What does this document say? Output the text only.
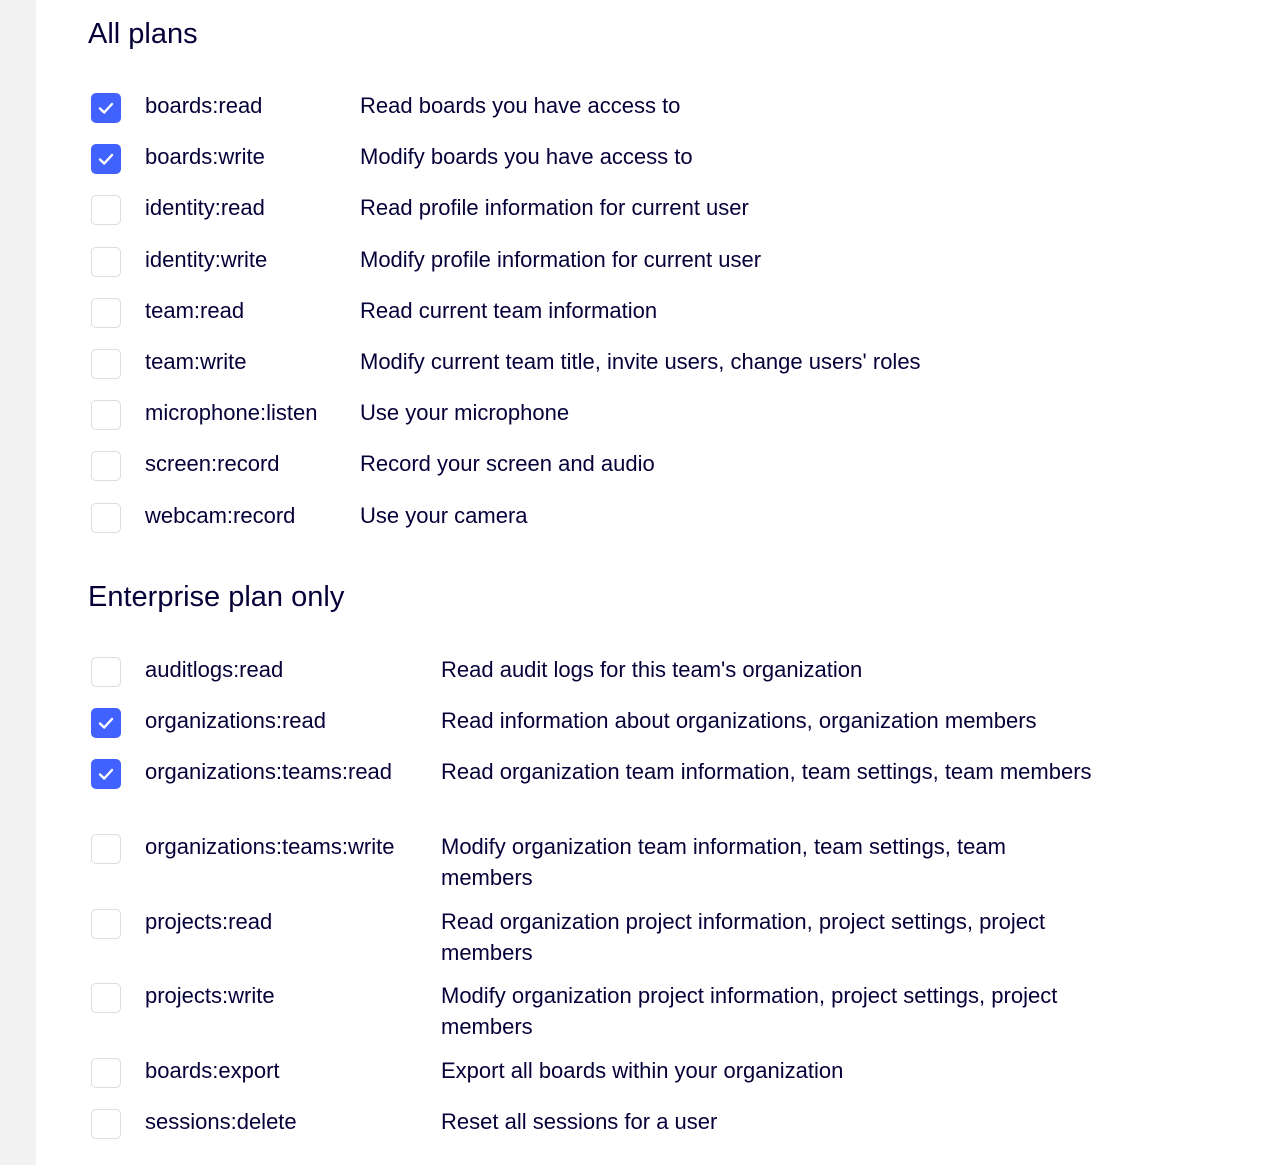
All plans
boards:read	Read boards you have access to
boards:write	Modify boards you have access to
identity:read	Read profile information for current user
identity:write	Modify profile information for current user
team:read	Read current team information
team:write	Modify current team title, invite users, change users' roles
microphone:listen	Use your microphone
screen:record	Record your screen and audio
webcam:record	Use your camera
Enterprise plan only
auditlogs:read	Read audit logs for this team's organization
organizations:read	Read information about organizations, organization members
organizations:teams:read	Read organization team information, team settings, team members
organizations:teams:write	Modify organization team information, team settings, team members
projects:read	Read organization project information, project settings, project members
projects:write	Modify organization project information, project settings, project members
boards:export	Export all boards within your organization
sessions:delete	Reset all sessions for a user
